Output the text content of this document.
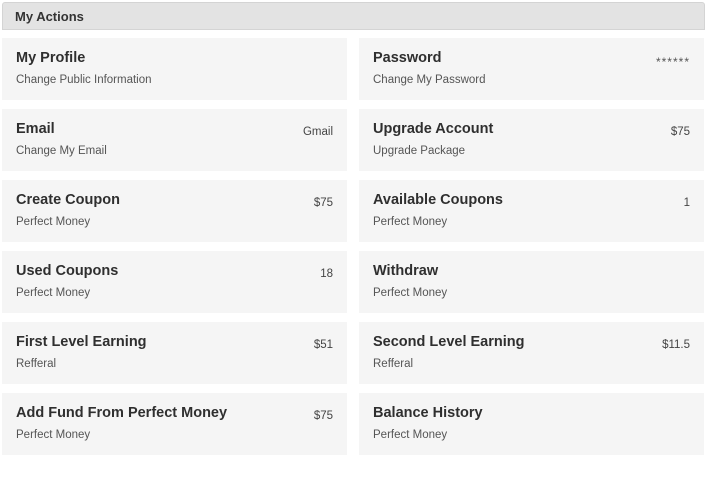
My Actions
My Profile
Change Public Information
Email
Change My Email
Gmail
Create Coupon
Perfect Money
$75
Used Coupons
Perfect Money
18
First Level Earning
Refferal
$51
Add Fund From Perfect Money
Perfect Money
$75
Password
Change My Password
******
Upgrade Account
Upgrade Package
$75
Available Coupons
Perfect Money
1
Withdraw
Perfect Money
Second Level Earning
Refferal
$11.5
Balance History
Perfect Money
